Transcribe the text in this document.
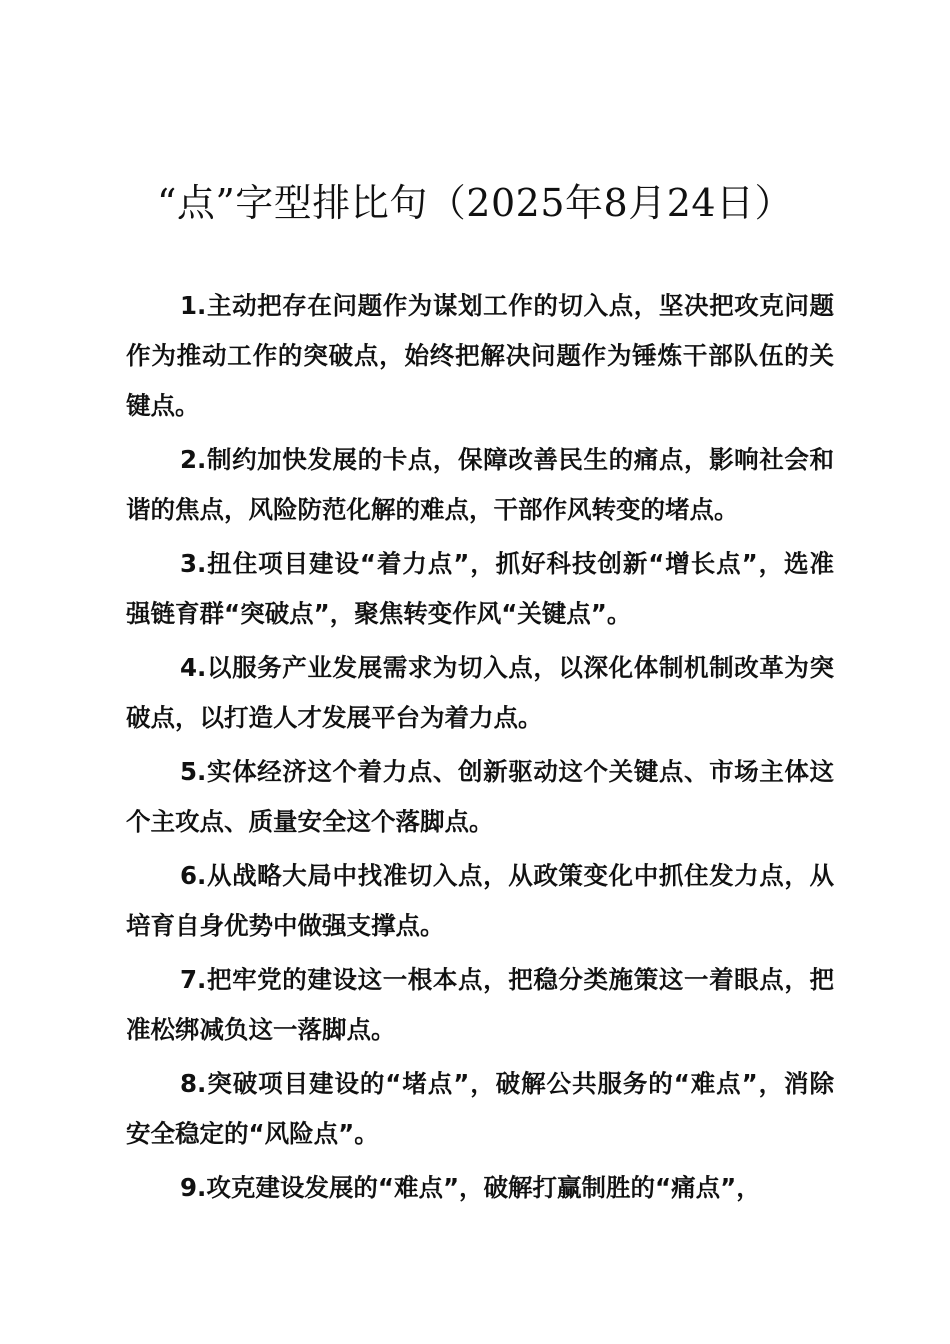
“点”字型排比句（2025年8月24日）

1.主动把存在问题作为谋划工作的切入点，坚决把攻克问题作为推动工作的突破点，始终把解决问题作为锤炼干部队伍的关键点。

2.制约加快发展的卡点，保障改善民生的痛点，影响社会和谐的焦点，风险防范化解的难点，干部作风转变的堵点。

3.扭住项目建设“着力点”，抓好科技创新“增长点”，选准强链育群“突破点”，聚焦转变作风“关键点”。

4.以服务产业发展需求为切入点，以深化体制机制改革为突破点，以打造人才发展平台为着力点。

5.实体经济这个着力点、创新驱动这个关键点、市场主体这个主攻点、质量安全这个落脚点。

6.从战略大局中找准切入点，从政策变化中抓住发力点，从培育自身优势中做强支撑点。

7.把牢党的建设这一根本点，把稳分类施策这一着眼点，把准松绑减负这一落脚点。

8.突破项目建设的“堵点”，破解公共服务的“难点”，消除安全稳定的“风险点”。

9.攻克建设发展的“难点”，破解打赢制胜的“痛点”，
